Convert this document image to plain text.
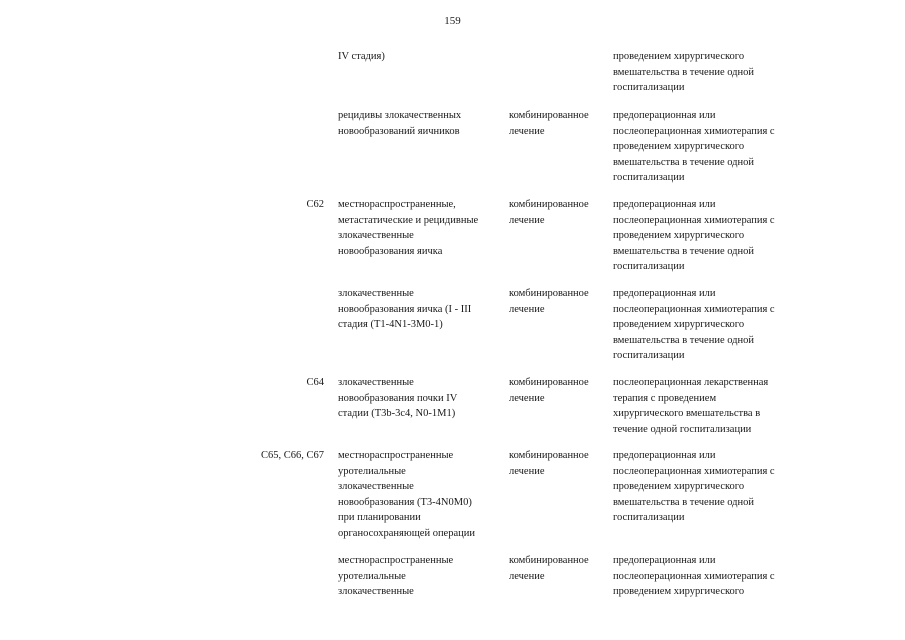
159
IV стадия)	проведением хирургического
вмешательства в течение одной
госпитализации
рецидивы злокачественных
новообразований яичников
комбинированное
лечение
предоперационная или
послеоперационная химиотерапия с
проведением хирургического
вмешательства в течение одной
госпитализации
C62 местнораспространенные,
метастатические и рецидивные
злокачественные
новообразования яичка
комбинированное
лечение
предоперационная или
послеоперационная химиотерапия с
проведением хирургического
вмешательства в течение одной
госпитализации
злокачественные
новообразования яичка (I - III
стадия (T1-4N1-3M0-1)
комбинированное
лечение
предоперационная или
послеоперационная химиотерапия с
проведением хирургического
вмешательства в течение одной
госпитализации
C64 злокачественные
новообразования почки IV
стадии (T3b-3c4, N0-1M1)
комбинированное
лечение
послеоперационная лекарственная
терапия с проведением
хирургического вмешательства в
течение одной госпитализации
C65, C66, C67 местнораспространенные
уротелиальные
злокачественные
новообразования (T3-4N0M0)
при планировании
органосохраняющей операции
комбинированное
лечение
предоперационная или
послеоперационная химиотерапия с
проведением хирургического
вмешательства в течение одной
госпитализации
местнораспространенные
уротелиальные
злокачественные
комбинированное
лечение
предоперационная или
послеоперационная химиотерапия с
проведением хирургического
